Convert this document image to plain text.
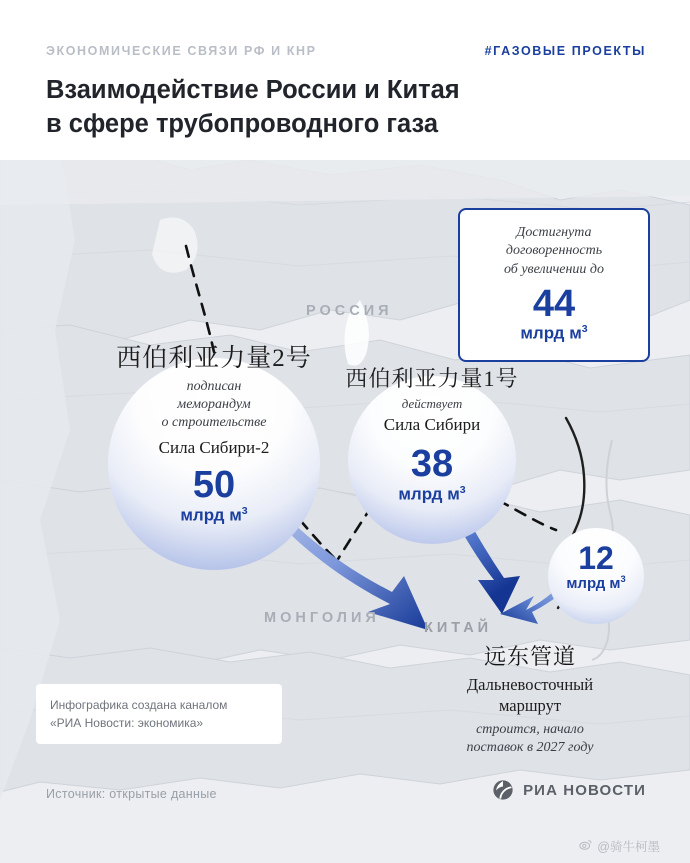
ЭКОНОМИЧЕСКИЕ СВЯЗИ РФ И КНР	#ГАЗОВЫЕ ПРОЕКТЫ
Взаимодействие России и Китая
в сфере трубопроводного газа
РОССИЯ
МОНГОЛИЯ
КИТАЙ
西伯利亚力量2号
подписан
меморандум
о строительстве
Сила Сибири-2
50
млрд $м^3$
西伯利亚力量1号
действует
Сила Сибири
38
млрд $м^3$
12
млрд $м^3$
远东管道
Дальневосточный
маршрут
строится, начало
поставок в 2027 году
Достигнута
договоренность
об увеличении до
44
млрд $м^3$
Инфографика создана каналом
«РИА Новости: экономика»
Источник: открытые данные	РИА НОВОСТИ
@骑牛柯墨
